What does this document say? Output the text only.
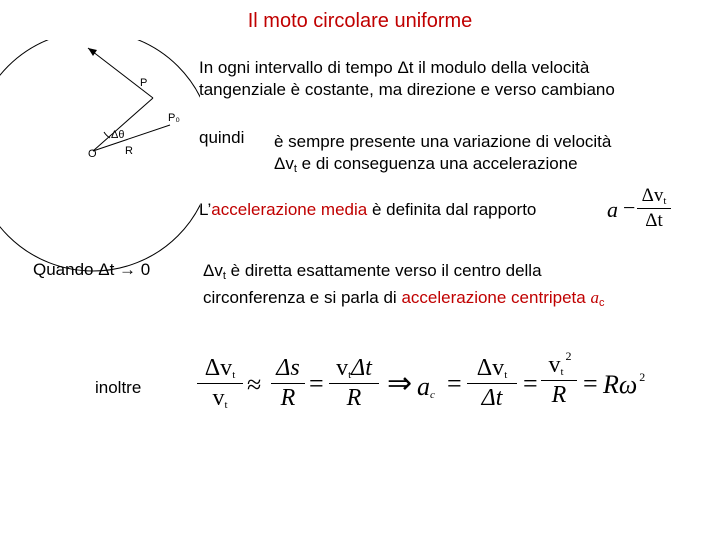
Il moto circolare uniforme
P
P₀
O	R
Δθ
In ogni intervallo di tempo Δt il modulo della velocità
tangenziale è costante, ma direzione e verso cambiano
quindi è sempre presente una variazione di velocità
$\Delta v_t$ e di conseguenza una accelerazione
L’accelerazione media è definita dal rapporto	$a - \Delta v_t$
Δt
Quando Δt → 0	$\Delta v_t$ è diretta esattamente verso il centro della
circonferenza e si parla di accelerazione centripeta $a_c$
inoltre
$\Delta v_t$
$v_t$
≈
Δs
R =
$v_t\Delta t$
R ⇒ $a_c$ =
$\Delta v_t$
Δt =
$v_t^2$
R = Rω $^2$
